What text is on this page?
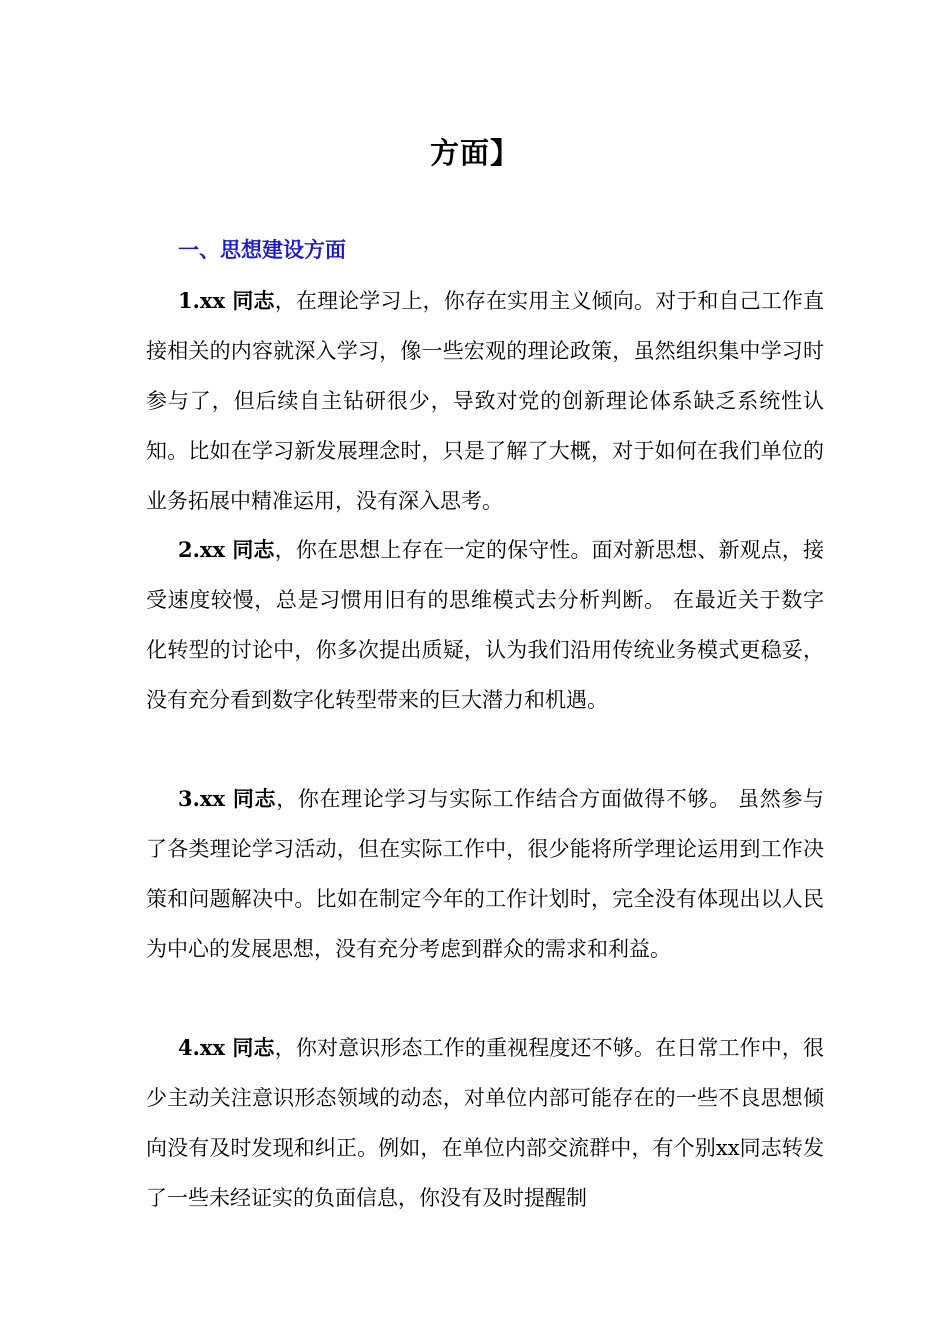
方面】
一、思想建设方面

1.xx 同志，在理论学习上，你存在实用主义倾向。对于和自己工作直接相关的内容就深入学习，像一些宏观的理论政策，虽然组织集中学习时参与了，但后续自主钻研很少，导致对党的创新理论体系缺乏系统性认知。比如在学习新发展理念时，只是了解了大概，对于如何在我们单位的业务拓展中精准运用，没有深入思考。

2.xx 同志，你在思想上存在一定的保守性。面对新思想、新观点，接受速度较慢，总是习惯用旧有的思维模式去分析判断。 在最近关于数字化转型的讨论中，你多次提出质疑，认为我们沿用传统业务模式更稳妥，没有充分看到数字化转型带来的巨大潜力和机遇。

3.xx 同志，你在理论学习与实际工作结合方面做得不够。 虽然参与了各类理论学习活动，但在实际工作中，很少能将所学理论运用到工作决策和问题解决中。比如在制定今年的工作计划时，完全没有体现出以人民为中心的发展思想，没有充分考虑到群众的需求和利益。

4.xx 同志，你对意识形态工作的重视程度还不够。在日常工作中，很少主动关注意识形态领域的动态，对单位内部可能存在的一些不良思想倾向没有及时发现和纠正。例如，在单位内部交流群中，有个别xx同志转发了一些未经证实的负面信息，你没有及时提醒制
